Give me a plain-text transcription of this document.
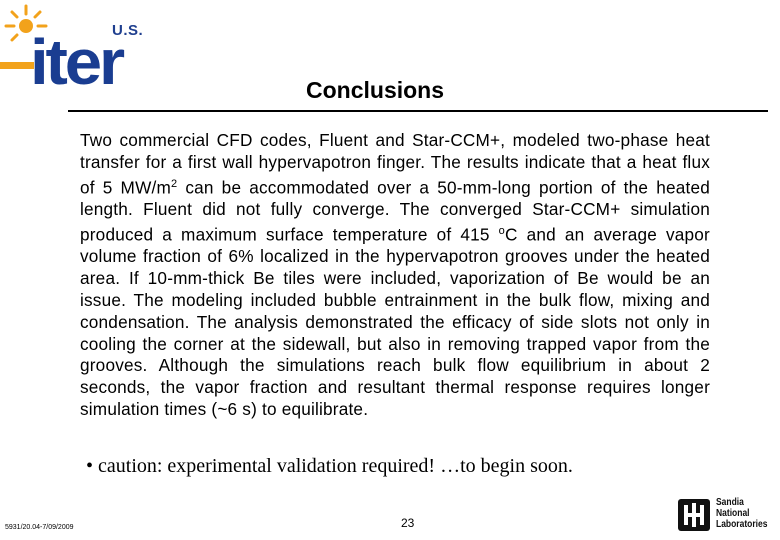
iter
U.S.
Conclusions
Two commercial CFD codes, Fluent and Star-CCM+, modeled two-phase heat transfer for a first wall hypervapotron finger. The results indicate that a heat flux of 5 $MW/m^2$ can be accommodated over a 50-mm-long portion of the heated length. Fluent did not fully converge. The converged Star-CCM+ simulation produced a maximum surface temperature of 415 $^o$C and an average vapor volume fraction of 6% localized in the hypervapotron grooves under the heated area. If 10-mm-thick Be tiles were included, vaporization of Be would be an issue. The modeling included bubble entrainment in the bulk flow, mixing and condensation. The analysis demonstrated the efficacy of side slots not only in cooling the corner at the sidewall, but also in removing trapped vapor from the grooves. Although the simulations reach bulk flow equilibrium in about 2 seconds, the vapor fraction and resultant thermal response requires longer simulation times (~6 s) to equilibrate.
• caution: experimental validation required! …to begin soon.
5931/20.04-7/09/2009	23
Sandia
National
Laboratories
